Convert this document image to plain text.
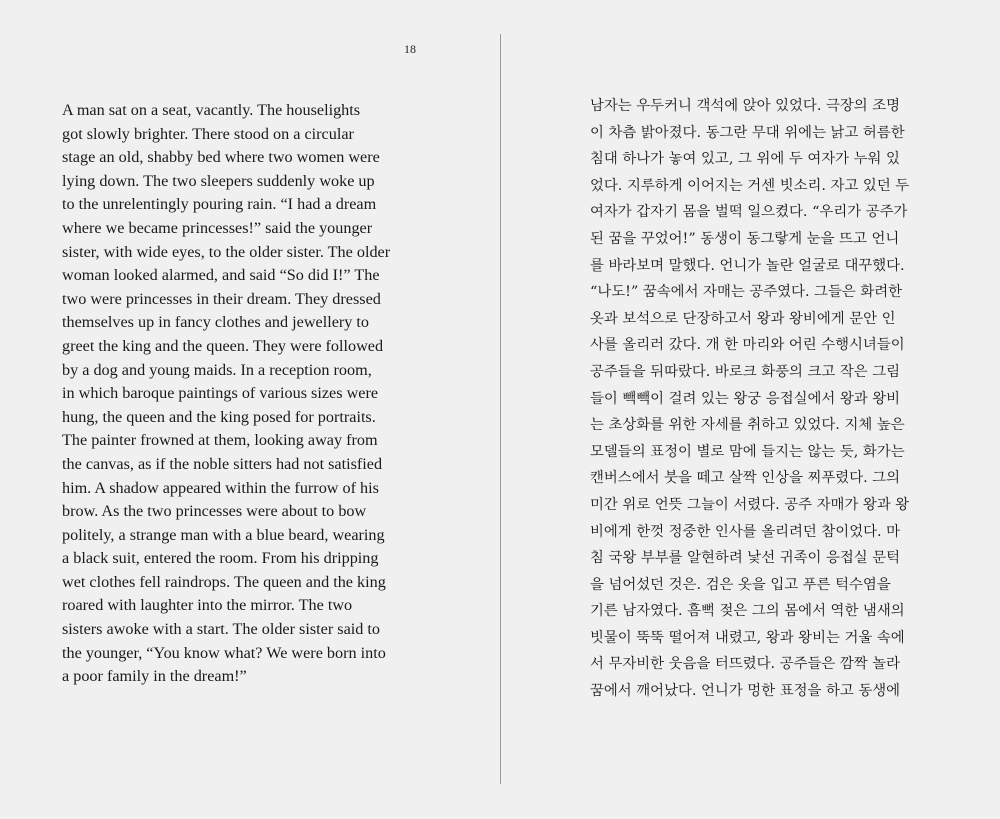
18
A man sat on a seat, vacantly. The houselights
got slowly brighter. There stood on a circular
stage an old, shabby bed where two women were
lying down. The two sleepers suddenly woke up
to the unrelentingly pouring rain. “I had a dream
where we became princesses!” said the younger
sister, with wide eyes, to the older sister. The older
woman looked alarmed, and said “So did I!” The
two were princesses in their dream. They dressed
themselves up in fancy clothes and jewellery to
greet the king and the queen. They were followed
by a dog and young maids. In a reception room,
in which baroque paintings of various sizes were
hung, the queen and the king posed for portraits.
The painter frowned at them, looking away from
the canvas, as if the noble sitters had not satisfied
him. A shadow appeared within the furrow of his
brow. As the two princesses were about to bow
politely, a strange man with a blue beard, wearing
a black suit, entered the room. From his dripping
wet clothes fell raindrops. The queen and the king
roared with laughter into the mirror. The two
sisters awoke with a start. The older sister said to
the younger, “You know what? We were born into
a poor family in the dream!”
남자는 우두커니 객석에 앉아 있었다. 극장의 조명
이 차츰 밝아졌다. 동그란 무대 위에는 낡고 허름한
침대 하나가 놓여 있고, 그 위에 두 여자가 누워 있
었다. 지루하게 이어지는 거센 빗소리. 자고 있던 두
여자가 갑자기 몸을 벌떡 일으켰다. “우리가 공주가
된 꿈을 꾸었어!” 동생이 동그랗게 눈을 뜨고 언니
를 바라보며 말했다. 언니가 놀란 얼굴로 대꾸했다.
“나도!” 꿈속에서 자매는 공주였다. 그들은 화려한
옷과 보석으로 단장하고서 왕과 왕비에게 문안 인
사를 올리러 갔다. 개 한 마리와 어린 수행시녀들이
공주들을 뒤따랐다. 바로크 화풍의 크고 작은 그림
들이 빽빽이 걸려 있는 왕궁 응접실에서 왕과 왕비
는 초상화를 위한 자세를 취하고 있었다. 지체 높은
모델들의 표정이 별로 맘에 들지는 않는 듯, 화가는
캔버스에서 붓을 떼고 살짝 인상을 찌푸렸다. 그의
미간 위로 언뜻 그늘이 서렸다. 공주 자매가 왕과 왕
비에게 한껏 정중한 인사를 올리려던 참이었다. 마
침 국왕 부부를 알현하려 낯선 귀족이 응접실 문턱
을 넘어섰던 것은. 검은 옷을 입고 푸른 턱수염을
기른 남자였다. 흠뻑 젖은 그의 몸에서 역한 냄새의
빗물이 뚝뚝 떨어져 내렸고, 왕과 왕비는 거울 속에
서 무자비한 웃음을 터뜨렸다. 공주들은 깜짝 놀라
꿈에서 깨어났다. 언니가 멍한 표정을 하고 동생에
